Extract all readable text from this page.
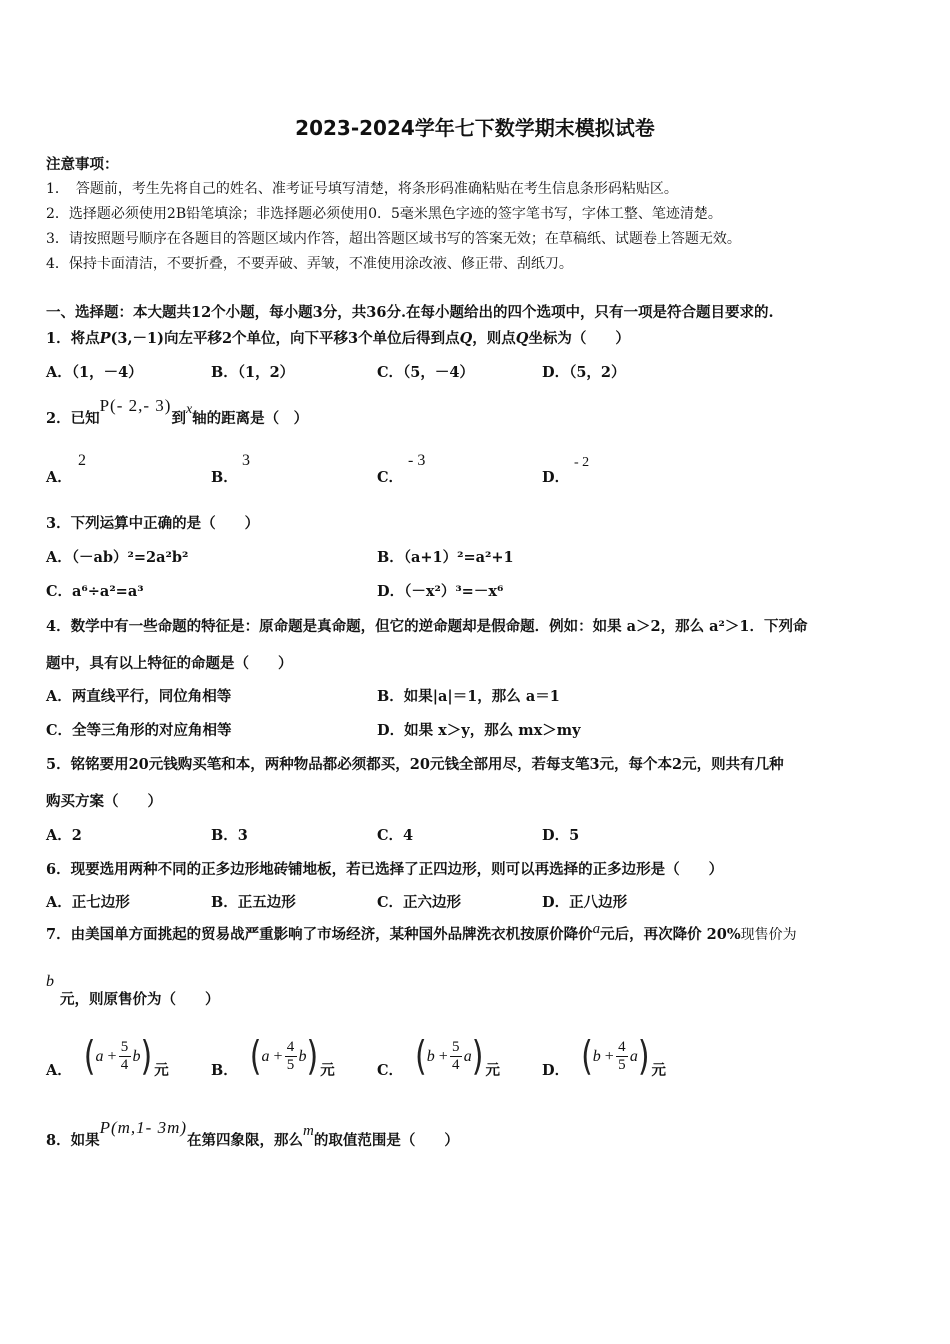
2023-2024学年七下数学期末模拟试卷
注意事项：
1．　答题前，考生先将自己的姓名、准考证号填写清楚，将条形码准确粘贴在考生信息条形码粘贴区。
2．选择题必须使用2B铅笔填涂；非选择题必须使用0．5毫米黑色字迹的签字笔书写，字体工整、笔迹清楚。
3．请按照题号顺序在各题目的答题区域内作答，超出答题区域书写的答案无效；在草稿纸、试题卷上答题无效。
4．保持卡面清洁，不要折叠，不要弄破、弄皱，不准使用涂改液、修正带、刮纸刀。
一、选择题：本大题共12个小题，每小题3分，共36分.在每小题给出的四个选项中，只有一项是符合题目要求的.
1．将点P(3,－1)向左平移2个单位，向下平移3个单位后得到点Q，则点Q坐标为（　　）
A．（1，－4）	B．（1，2）	C．（5，－4）	D．（5，2）
2．已知P(- 2,- 3)到x轴的距离是（　）
A．
2
B．
3
C．
- 3
D．
- 2
3．下列运算中正确的是（　　）
A．（－ab）²=2a²b²	B．（a+1）²=a²+1
C．a⁶÷a²=a³	D．（－x²）³=－x⁶
4．数学中有一些命题的特征是：原命题是真命题，但它的逆命题却是假命题．例如：如果 a＞2，那么 a²＞1．下列命
题中，具有以上特征的命题是（　　）
A．两直线平行，同位角相等	B．如果|a|＝1，那么 a＝1
C．全等三角形的对应角相等	D．如果 x＞y，那么 mx＞my
5．铭铭要用20元钱购买笔和本，两种物品都必须都买，20元钱全部用尽，若每支笔3元，每个本2元，则共有几种
购买方案（　　）
A．2	B．3	C．4	D．5
6．现要选用两种不同的正多边形地砖铺地板，若已选择了正四边形，则可以再选择的正多边形是（　　）
A．正七边形	B．正五边形	C．正六边形	D．正八边形
7．由美国单方面挑起的贸易战严重影响了市场经济，某种国外品牌洗衣机按原价降价a元后，再次降价 20%现售价为
b
元，则原售价为（　　）
A． ( a
+ $\frac{5}{4}$ b ) 元	B． ( a
+ $\frac{4}{5}$ b ) 元	C． ( b
+ $\frac{5}{4}$ a ) 元	D． ( b
+ $\frac{4}{5}$ a ) 元
8．如果P(m,1- 3m)在第四象限，那么m的取值范围是（　　）
